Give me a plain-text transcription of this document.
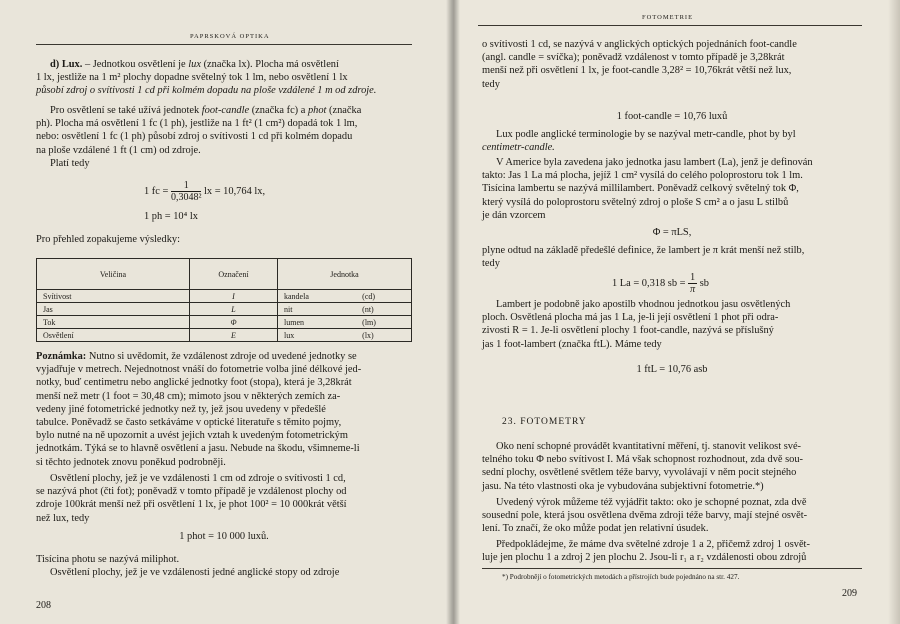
PAPRSKOVÁ OPTIKA

d) Lux. – Jednotkou osvětlení je lux (značka lx). Plocha má osvětlení

1 lx, jestliže na 1 m² plochy dopadne světelný tok 1 lm, nebo osvětlení 1 lx

působí zdroj o svítivosti 1 cd při kolmém dopadu na ploše vzdálené 1 m od zdroje.

Pro osvětlení se také užívá jednotek foot-candle (značka fc) a phot (značka

ph). Plocha má osvětlení 1 fc (1 ph), jestliže na 1 ft² (1 cm²) dopadá tok 1 lm,

nebo: osvětlení 1 fc (1 ph) působí zdroj o svítivosti 1 cd při kolmém dopadu

na ploše vzdálené 1 ft (1 cm) od zdroje.

Platí tedy

1 fc = $\frac{1}{\text{0,3048²}}$ lx = 10,764 lx,
1 ph = 10⁴ lx
Pro přehled zopakujeme výsledky:
Veličina	Označení	Jednotka	
Svítivost	I	kandela	(cd)
Jas	L	nit	(nt)
Tok	Φ	lumen	(lm)
Osvětlení	E	lux	(lx)

Poznámka: Nutno si uvědomit, že vzdálenost zdroje od uvedené jednotky se

vyjadřuje v metrech. Nejednotnost vnáší do fotometrie volba jiné délkové jed-

notky, buď centimetru nebo anglické jednotky foot (stopa), která je 3,28krát

menší než metr (1 foot = 30,48 cm); mimoto jsou v některých zemích za-

vedeny jiné fotometrické jednotky než ty, jež jsou uvedeny v předešlé

tabulce. Poněvadž se často setkáváme v optické literatuře s těmito pojmy,

bylo nutné na ně upozornit a uvést jejich vztah k uvedeným fotometrickým

jednotkám. Týká se to hlavně osvětlení a jasu. Nebude na škodu, všimneme-li

si těchto jednotek znovu poněkud podrobněji.

Osvětlení plochy, jež je ve vzdálenosti 1 cm od zdroje o svítivosti 1 cd,

se nazývá phot (čti fot); poněvadž v tomto případě je vzdálenost plochy od

zdroje 100krát menší než při osvětlení 1 lx, je phot 100² = 10 000krát větší

než lux, tedy

1 phot = 10 000 luxů.
Tisícina photu se nazývá miliphot.

Osvětlení plochy, jež je ve vzdálenosti jedné anglické stopy od zdroje

208
FOTOMETRIE

o svítivosti 1 cd, se nazývá v anglických optických pojednáních foot-candle

(angl. candle = svíčka); poněvadž vzdálenost v tomto případě je 3,28krát

menší než při osvětlení 1 lx, je foot-candle 3,28² = 10,76krát větší než lux,

tedy

1 foot-candle = 10,76 luxů

Lux podle anglické terminologie by se nazýval metr-candle, phot by byl

centimetr-candle.

V Americe byla zavedena jako jednotka jasu lambert (La), jenž je definován

takto: Jas 1 La má plocha, jejíž 1 cm² vysílá do celého poloprostoru tok 1 lm.

Tisícina lambertu se nazývá millilambert. Poněvadž celkový světelný tok Φ,

který vysílá do poloprostoru světelný zdroj o ploše S cm² a o jasu L stilbů

je dán vzorcem

Φ = πLS,

plyne odtud na základě předešlé definice, že lambert je π krát menší než stilb,

tedy

1 La = 0,318 sb = $\frac{1}{\pi}$ sb

Lambert je podobně jako apostilb vhodnou jednotkou jasu osvětlených

ploch. Osvětlená plocha má jas 1 La, je-li její osvětlení 1 phot při odra-

zivosti R = 1. Je-li osvětlení plochy 1 foot-candle, nazývá se příslušný

jas 1 foot-lambert (značka ftL). Máme tedy

1 ftL = 10,76 asb
23. FOTOMETRY

Oko není schopné provádět kvantitativní měření, tj. stanovit velikost své-

telného toku Φ nebo svítivost I. Má však schopnost rozhodnout, zda dvě sou-

sední plochy, osvětlené světlem téže barvy, vyvolávají v něm pocit stejného

jasu. Na této vlastnosti oka je vybudována subjektivní fotometrie.*)

Uvedený výrok můžeme též vyjádřit takto: oko je schopné poznat, zda dvě

sousední pole, která jsou osvětlena dvěma zdroji téže barvy, mají stejné osvět-

lení. To značí, že oko může podat jen relativní úsudek.

Předpokládejme, že máme dva světelné zdroje 1 a 2, přičemž zdroj 1 osvět-

luje jen plochu 1 a zdroj 2 jen plochu 2. Jsou-li r₁ a r₂ vzdálenosti obou zdrojů

*) Podrobnějí o fotometrických metodách a přístrojích bude pojednáno na str. 427.
209
